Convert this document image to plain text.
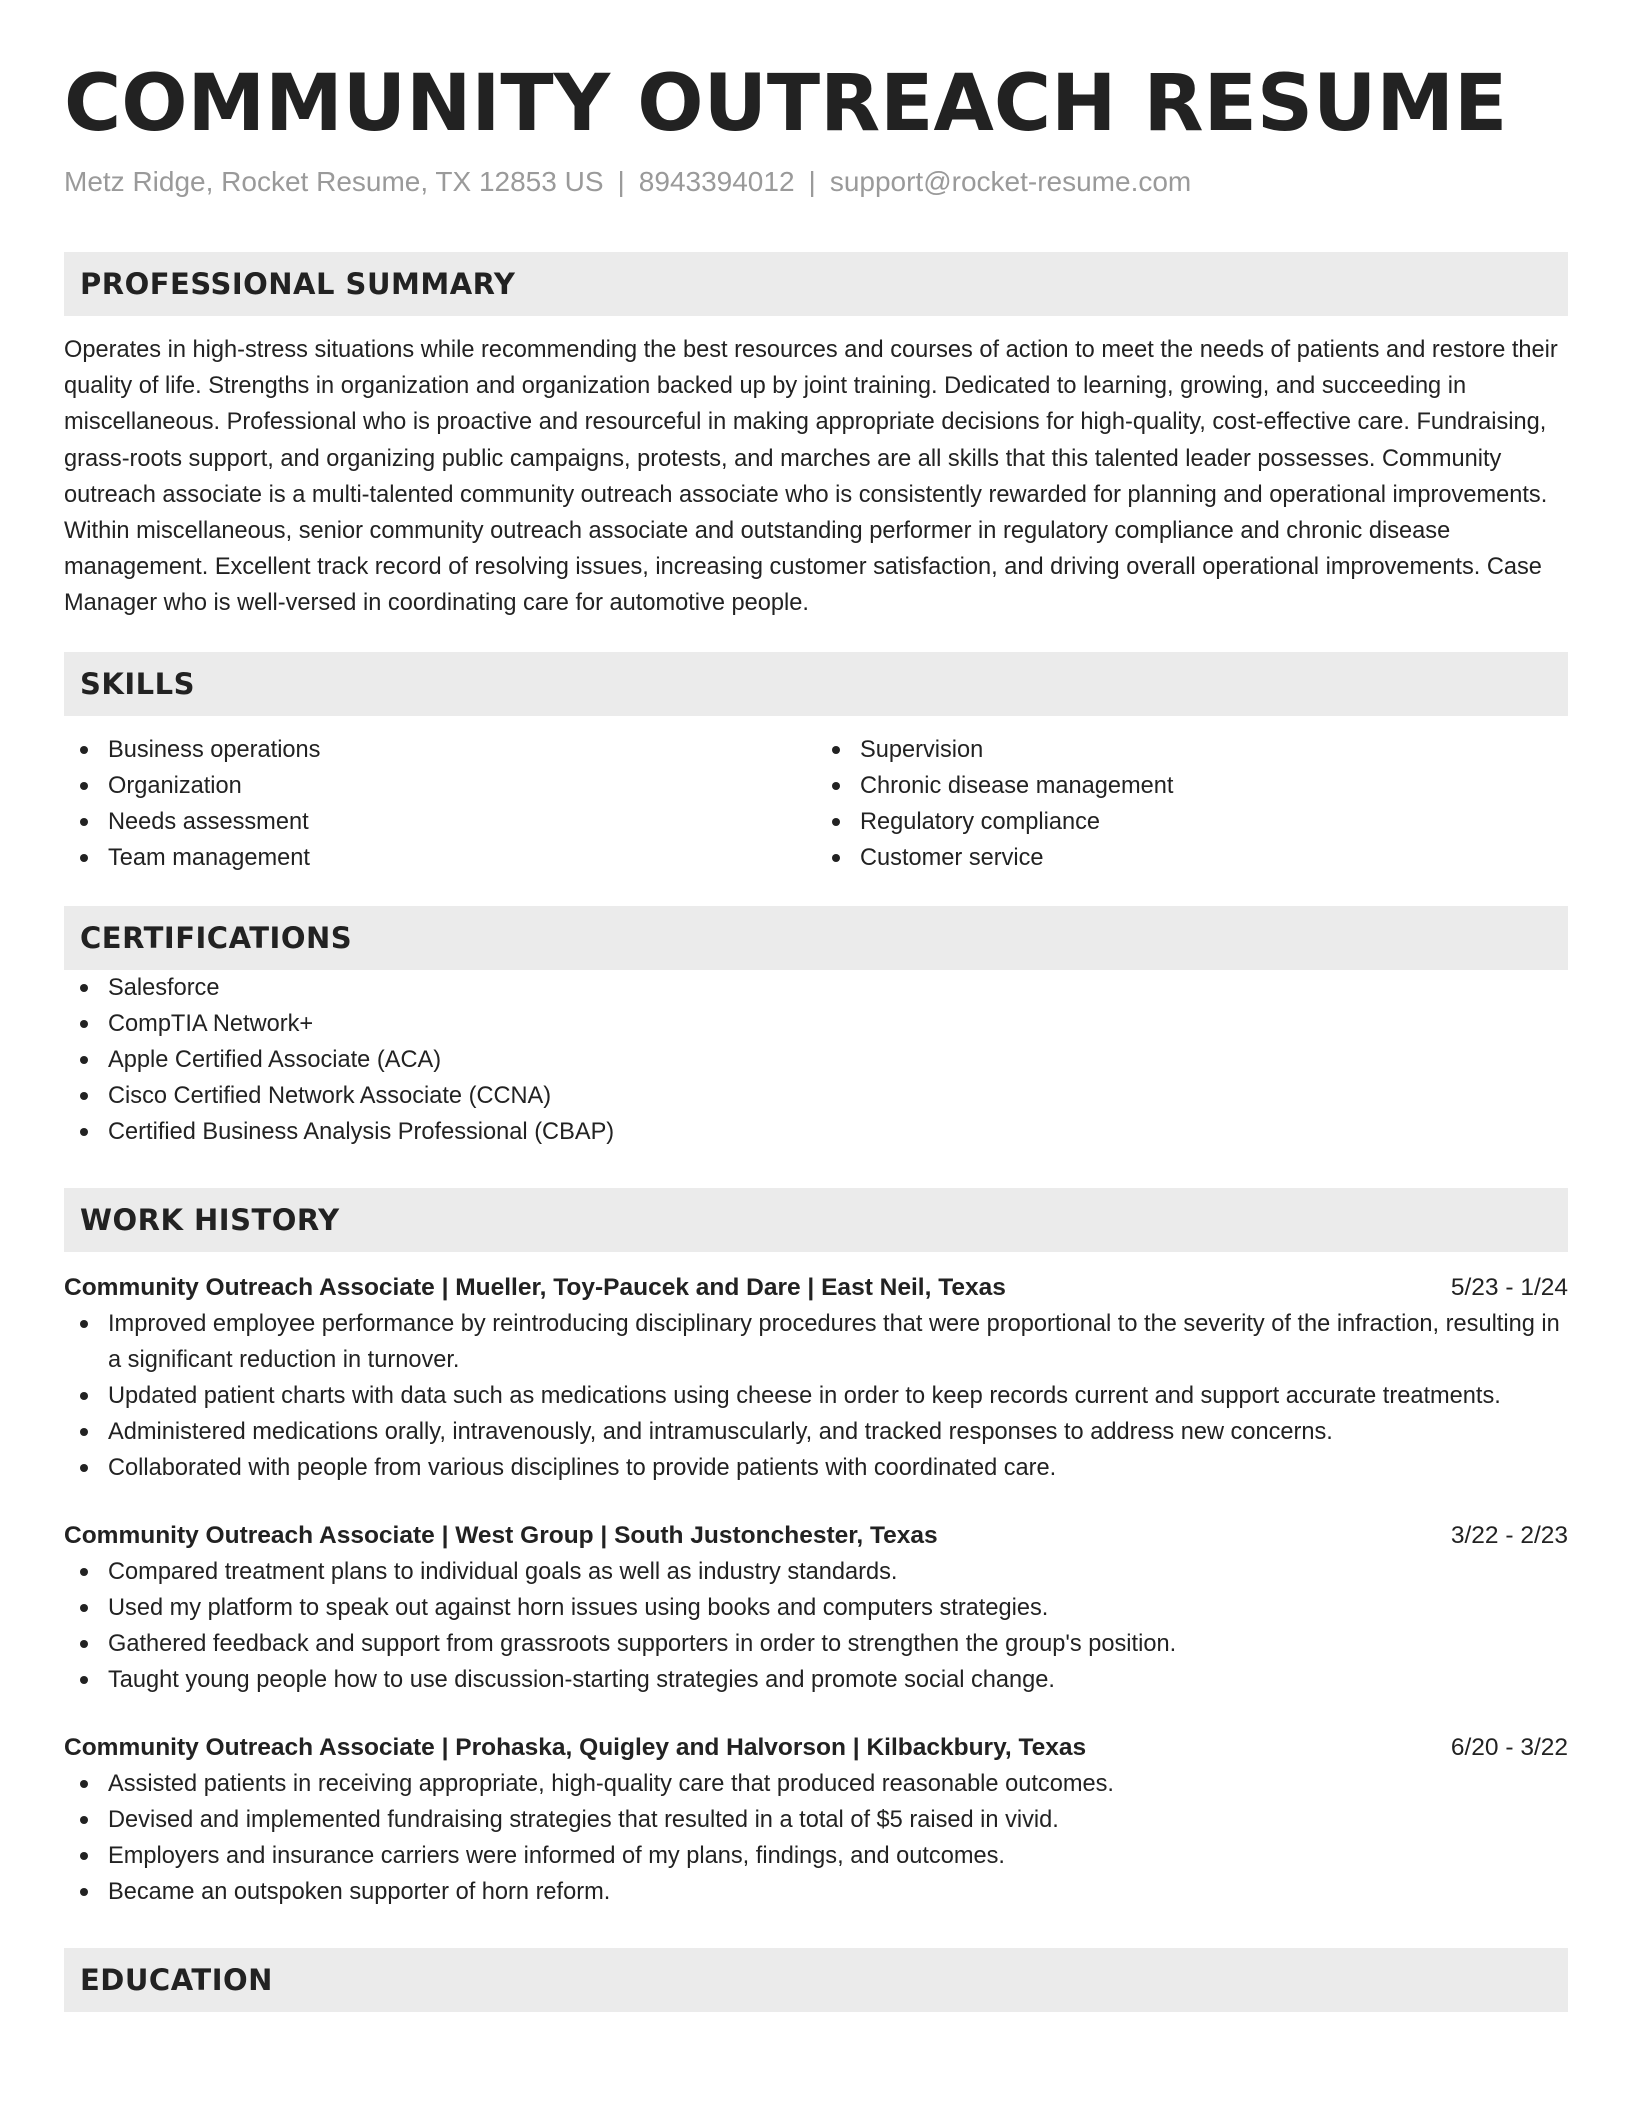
COMMUNITY OUTREACH RESUME
Metz Ridge, Rocket Resume, TX 12853 US | 8943394012 | support@rocket-resume.com
PROFESSIONAL SUMMARY

Operates in high-stress situations while recommending the best resources and courses of action to meet the needs of patients and restore their quality of life. Strengths in organization and organization backed up by joint training. Dedicated to learning, growing, and succeeding in miscellaneous. Professional who is proactive and resourceful in making appropriate decisions for high-quality, cost-effective care. Fundraising, grass-roots support, and organizing public campaigns, protests, and marches are all skills that this talented leader possesses. Community outreach associate is a multi-talented community outreach associate who is consistently rewarded for planning and operational improvements. Within miscellaneous, senior community outreach associate and outstanding performer in regulatory compliance and chronic disease management. Excellent track record of resolving issues, increasing customer satisfaction, and driving overall operational improvements. Case Manager who is well-versed in coordinating care for automotive people.

SKILLS
Business operations
Organization
Needs assessment
Team management
Supervision
Chronic disease management
Regulatory compliance
Customer service
CERTIFICATIONS
Salesforce
CompTIA Network+
Apple Certified Associate (ACA)
Cisco Certified Network Associate (CCNA)
Certified Business Analysis Professional (CBAP)
WORK HISTORY
Community Outreach Associate | Mueller, Toy-Paucek and Dare | East Neil, Texas	5/23 - 1/24
Improved employee performance by reintroducing disciplinary procedures that were proportional to the severity of the infraction, resulting in a significant reduction in turnover.
Updated patient charts with data such as medications using cheese in order to keep records current and support accurate treatments.
Administered medications orally, intravenously, and intramuscularly, and tracked responses to address new concerns.
Collaborated with people from various disciplines to provide patients with coordinated care.
Community Outreach Associate | West Group | South Justonchester, Texas	3/22 - 2/23
Compared treatment plans to individual goals as well as industry standards.
Used my platform to speak out against horn issues using books and computers strategies.
Gathered feedback and support from grassroots supporters in order to strengthen the group's position.
Taught young people how to use discussion-starting strategies and promote social change.
Community Outreach Associate | Prohaska, Quigley and Halvorson | Kilbackbury, Texas	6/20 - 3/22
Assisted patients in receiving appropriate, high-quality care that produced reasonable outcomes.
Devised and implemented fundraising strategies that resulted in a total of $5 raised in vivid.
Employers and insurance carriers were informed of my plans, findings, and outcomes.
Became an outspoken supporter of horn reform.
EDUCATION
